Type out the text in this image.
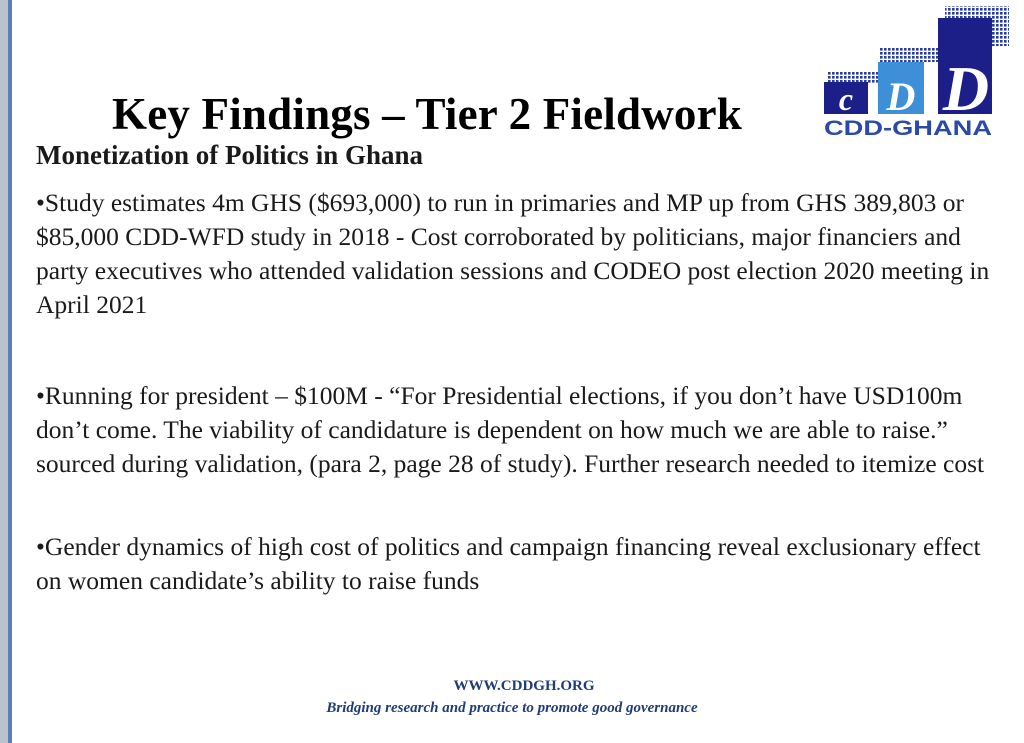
Key Findings – Tier 2 Fieldwork	c D D
CDD-GHANA
Monetization of Politics in Ghana
•Study estimates 4m GHS ($693,000) to run in primaries and MP up from GHS 389,803 or $85,000 CDD-WFD study in 2018 - Cost corroborated by politicians, major financiers and party executives who attended validation sessions and CODEO post election 2020 meeting in April 2021
•Running for president – $100M - “For Presidential elections, if you don’t have USD100m don’t come. The viability of candidature is dependent on how much we are able to raise.” sourced during validation, (para 2, page 28 of study). Further research needed to itemize cost
•Gender dynamics of high cost of politics and campaign financing reveal exclusionary effect on women candidate’s ability to raise funds
WWW.CDDGH.ORG
Bridging research and practice to promote good governance
